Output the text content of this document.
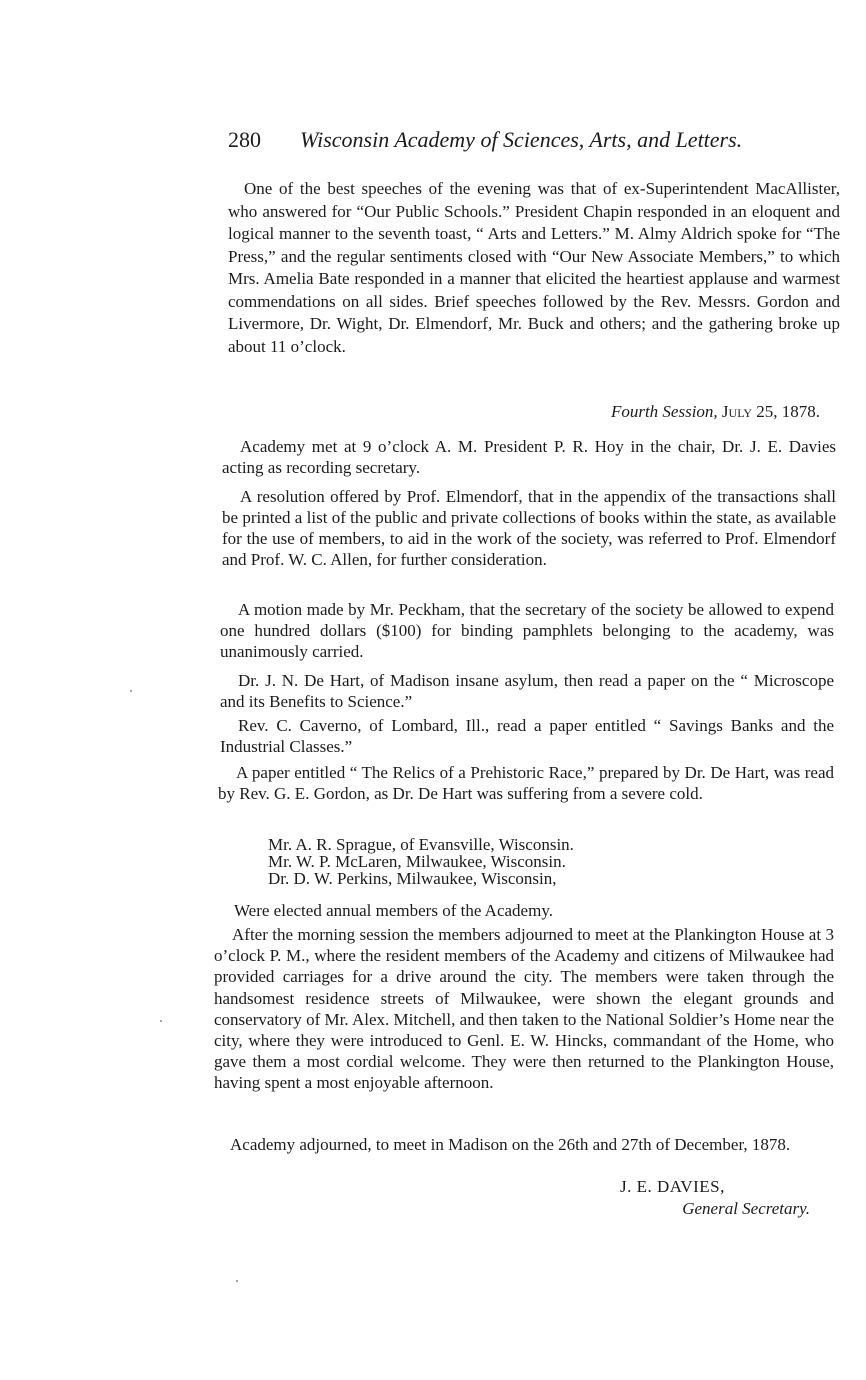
280 Wisconsin Academy of Sciences, Arts, and Letters.

One of the best speeches of the evening was that of ex-Superintendent MacAllister, who answered for “Our Public Schools.” President Chapin responded in an eloquent and logical manner to the seventh toast, “ Arts and Letters.” M. Almy Aldrich spoke for “The Press,” and the regular sentiments closed with “Our New Associate Members,” to which Mrs. Amelia Bate responded in a manner that elicited the heartiest applause and warmest commendations on all sides. Brief speeches followed by the Rev. Messrs. Gordon and Livermore, Dr. Wight, Dr. Elmendorf, Mr. Buck and others; and the gathering broke up about 11 o’clock.

Fourth Session, July 25, 1878.

Academy met at 9 o’clock A. M. President P. R. Hoy in the chair, Dr. J. E. Davies acting as recording secretary.

A resolution offered by Prof. Elmendorf, that in the appendix of the transactions shall be printed a list of the public and private collections of books within the state, as available for the use of members, to aid in the work of the society, was referred to Prof. Elmendorf and Prof. W. C. Allen, for further consideration.

A motion made by Mr. Peckham, that the secretary of the society be allowed to expend one hundred dollars ($100) for binding pamphlets belonging to the academy, was unanimously carried.

Dr. J. N. De Hart, of Madison insane asylum, then read a paper on the “ Microscope and its Benefits to Science.”

Rev. C. Caverno, of Lombard, Ill., read a paper entitled “ Savings Banks and the Industrial Classes.”

A paper entitled “ The Relics of a Prehistoric Race,” prepared by Dr. De Hart, was read by Rev. G. E. Gordon, as Dr. De Hart was suffering from a severe cold.

Mr. A. R. Sprague, of Evansville, Wisconsin.
Mr. W. P. McLaren, Milwaukee, Wisconsin.
Dr. D. W. Perkins, Milwaukee, Wisconsin,

Were elected annual members of the Academy.

After the morning session the members adjourned to meet at the Plankington House at 3 o’clock P. M., where the resident members of the Academy and citizens of Milwaukee had provided carriages for a drive around the city. The members were taken through the handsomest residence streets of Milwaukee, were shown the elegant grounds and conservatory of Mr. Alex. Mitchell, and then taken to the National Soldier’s Home near the city, where they were introduced to Genl. E. W. Hincks, commandant of the Home, who gave them a most cordial welcome. They were then returned to the Plankington House, having spent a most enjoyable afternoon.

Academy adjourned, to meet in Madison on the 26th and 27th of December, 1878.

J. E. DAVIES,
General Secretary.
